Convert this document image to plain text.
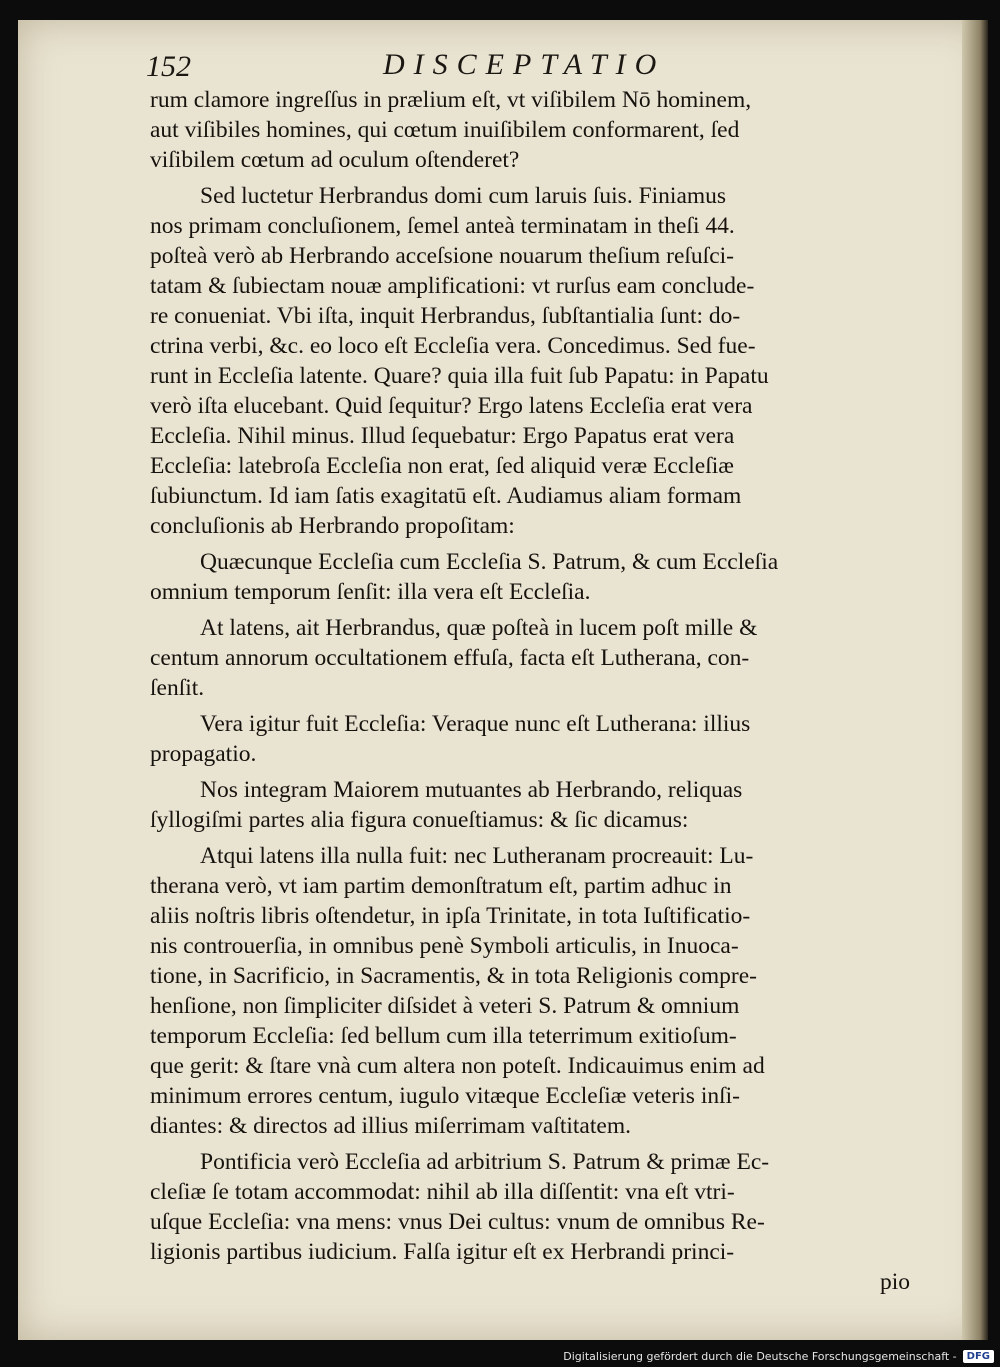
152	DISCEPTATIO
rum clamore ingreſſus in prælium eſt, vt viſibilem Nō hominem,
aut viſibiles homines, qui cœtum inuiſibilem conformarent, ſed
viſibilem cœtum ad oculum oſtenderet?
Sed luctetur Herbrandus domi cum laruis ſuis. Finiamus
nos primam concluſionem, ſemel anteà terminatam in theſi 44.
poſteà verò ab Herbrando acceſsione nouarum theſium reſuſci-
tatam & ſubiectam nouæ amplificationi: vt rurſus eam conclude-
re conueniat. Vbi iſta, inquit Herbrandus, ſubſtantialia ſunt: do-
ctrina verbi, &c. eo loco eſt Eccleſia vera. Concedimus. Sed fue-
runt in Eccleſia latente. Quare? quia illa fuit ſub Papatu: in Papatu
verò iſta elucebant. Quid ſequitur? Ergo latens Eccleſia erat vera
Eccleſia. Nihil minus. Illud ſequebatur: Ergo Papatus erat vera
Eccleſia: latebroſa Eccleſia non erat, ſed aliquid veræ Eccleſiæ
ſubiunctum. Id iam ſatis exagitatū eſt. Audiamus aliam formam
concluſionis ab Herbrando propoſitam:
Quæcunque Eccleſia cum Eccleſia S. Patrum, & cum Eccleſia
omnium temporum ſenſit: illa vera eſt Eccleſia.
At latens, ait Herbrandus, quæ poſteà in lucem poſt mille &
centum annorum occultationem effuſa, facta eſt Lutherana, con-
ſenſit.
Vera igitur fuit Eccleſia: Veraque nunc eſt Lutherana: illius
propagatio.
Nos integram Maiorem mutuantes ab Herbrando, reliquas
ſyllogiſmi partes alia figura conueſtiamus: & ſic dicamus:
Atqui latens illa nulla fuit: nec Lutheranam procreauit: Lu-
therana verò, vt iam partim demonſtratum eſt, partim adhuc in
aliis noſtris libris oſtendetur, in ipſa Trinitate, in tota Iuſtificatio-
nis controuerſia, in omnibus penè Symboli articulis, in Inuoca-
tione, in Sacrificio, in Sacramentis, & in tota Religionis compre-
henſione, non ſimpliciter diſsidet à veteri S. Patrum & omnium
temporum Eccleſia: ſed bellum cum illa teterrimum exitioſum-
que gerit: & ſtare vnà cum altera non poteſt. Indicauimus enim ad
minimum errores centum, iugulo vitæque Eccleſiæ veteris inſi-
diantes: & directos ad illius miſerrimam vaſtitatem.
Pontificia verò Eccleſia ad arbitrium S. Patrum & primæ Ec-
cleſiæ ſe totam accommodat: nihil ab illa diſſentit: vna eſt vtri-
uſque Eccleſia: vna mens: vnus Dei cultus: vnum de omnibus Re-
ligionis partibus iudicium. Falſa igitur eſt ex Herbrandi princi-
pio
Digitalisierung gefördert durch die Deutsche Forschungsgemeinschaft -	DFG
